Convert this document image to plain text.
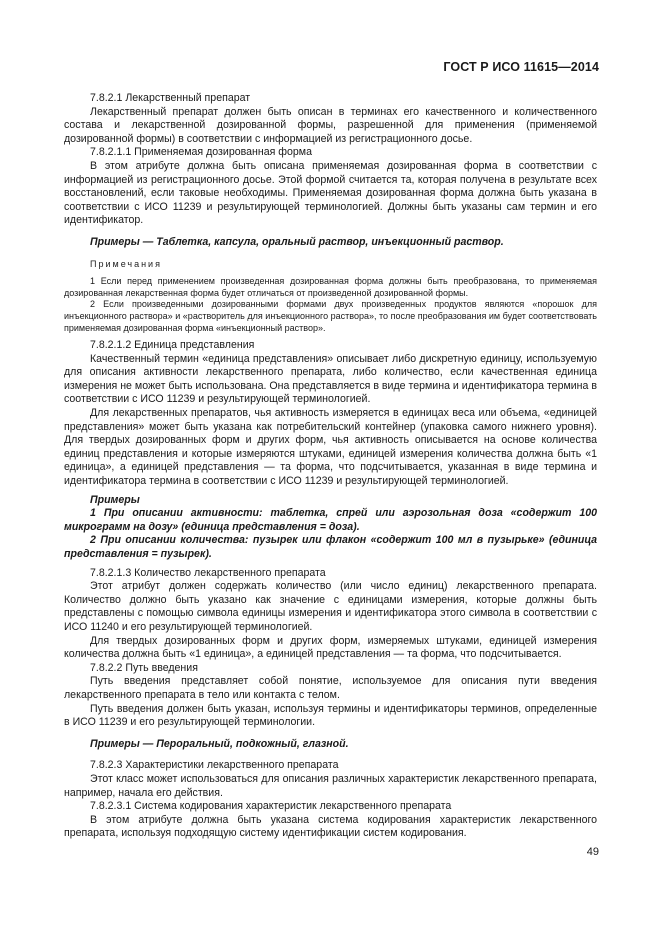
ГОСТ Р ИСО 11615—2014

7.8.2.1 Лекарственный препарат

Лекарственный препарат должен быть описан в терминах его качественного и количественного состава и лекарственной дозированной формы, разрешенной для применения (применяемой дозированной формы) в соответствии с информацией из регистрационного досье.

7.8.2.1.1 Применяемая дозированная форма

В этом атрибуте должна быть описана применяемая дозированная форма в соответствии с информацией из регистрационного досье. Этой формой считается та, которая получена в результате всех восстановлений, если таковые необходимы. Применяемая дозированная форма должна быть указана в соответствии с ИСО 11239 и результирующей терминологией. Должны быть указаны сам термин и его идентификатор.

Примеры — Таблетка, капсула, оральный раствор, инъекционный раствор.

Примечания

1 Если перед применением произведенная дозированная форма должны быть преобразована, то применяемая дозированная лекарственная форма будет отличаться от произведенной дозированной формы.

2 Если произведенными дозированными формами двух произведенных продуктов являются «порошок для инъекционного раствора» и «растворитель для инъекционного раствора», то после преобразования им будет соответствовать применяемая дозированная форма «инъекционный раствор».

7.8.2.1.2 Единица представления

Качественный термин «единица представления» описывает либо дискретную единицу, используемую для описания активности лекарственного препарата, либо количество, если качественная единица измерения не может быть использована. Она представляется в виде термина и идентификатора термина в соответствии с ИСО 11239 и результирующей терминологией.

Для лекарственных препаратов, чья активность измеряется в единицах веса или объема, «единицей представления» может быть указана как потребительский контейнер (упаковка самого нижнего уровня). Для твердых дозированных форм и других форм, чья активность описывается на основе количества единиц представления и которые измеряются штуками, единицей измерения количества должна быть «1 единица», а единицей представления — та форма, что подсчитывается, указанная в виде термина и идентификатора термина в соответствии с ИСО 11239 и результирующей терминологией.

Примеры

1 При описании активности: таблетка, спрей или аэрозольная доза «содержит 100 микрограмм на дозу» (единица представления = доза).

2 При описании количества: пузырек или флакон «содержит 100 мл в пузырьке» (единица представления = пузырек).

7.8.2.1.3 Количество лекарственного препарата

Этот атрибут должен содержать количество (или число единиц) лекарственного препарата. Количество должно быть указано как значение с единицами измерения, которые должны быть представлены с помощью символа единицы измерения и идентификатора этого символа в соответствии с ИСО 11240 и его результирующей терминологией.

Для твердых дозированных форм и других форм, измеряемых штуками, единицей измерения количества должна быть «1 единица», а единицей представления — та форма, что подсчитывается.

7.8.2.2 Путь введения

Путь введения представляет собой понятие, используемое для описания пути введения лекарственного препарата в тело или контакта с телом.

Путь введения должен быть указан, используя термины и идентификаторы терминов, определенные в ИСО 11239 и его результирующей терминологии.

Примеры — Пероральный, подкожный, глазной.

7.8.2.3 Характеристики лекарственного препарата

Этот класс может использоваться для описания различных характеристик лекарственного препарата, например, начала его действия.

7.8.2.3.1 Система кодирования характеристик лекарственного препарата

В этом атрибуте должна быть указана система кодирования характеристик лекарственного препарата, используя подходящую систему идентификации систем кодирования.

49
